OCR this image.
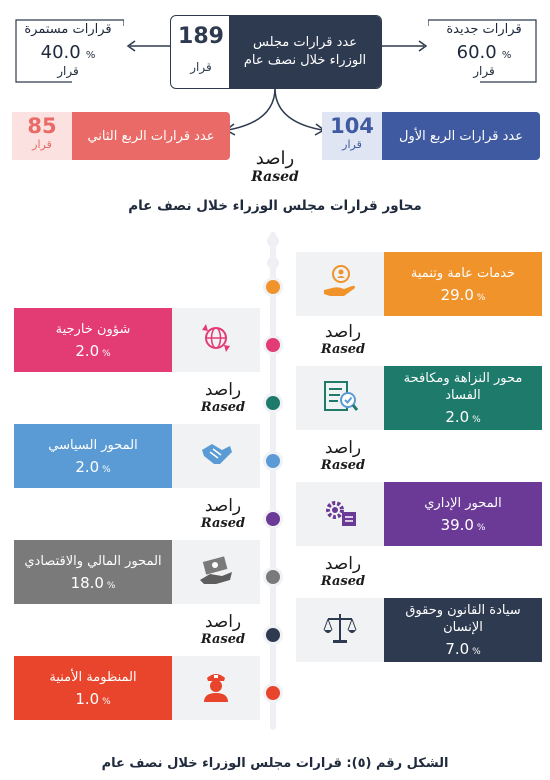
قرارات مستمرة
40.0 %
قرار
189
قرار
عدد قرارات مجلس الوزراء خلال نصف عام
قرارات جديدة
60.0 %
قرار
85
قرار
عدد قرارات الربع الثاني	104
قرار
عدد قرارات الربع الأول
راصد
Rased
محاور قرارات مجلس الوزراء خلال نصف عام
خدمات عامة وتنمية
29.0 %
شؤون خارجية
2.0 %
محور النزاهة ومكافحة الفساد
2.0 %
المحور السياسي
2.0 %
المحور الإداري
39.0 %
المحور المالي والاقتصادي
18.0 %
سيادة القانون وحقوق الإنسان
7.0 %
المنظومة الأمنية
1.0 %
راصد
Rased
راصد
Rased
راصد
Rased
راصد
Rased
راصد
Rased
راصد
Rased
الشكل رقم (٥): قرارات مجلس الوزراء خلال نصف عام
